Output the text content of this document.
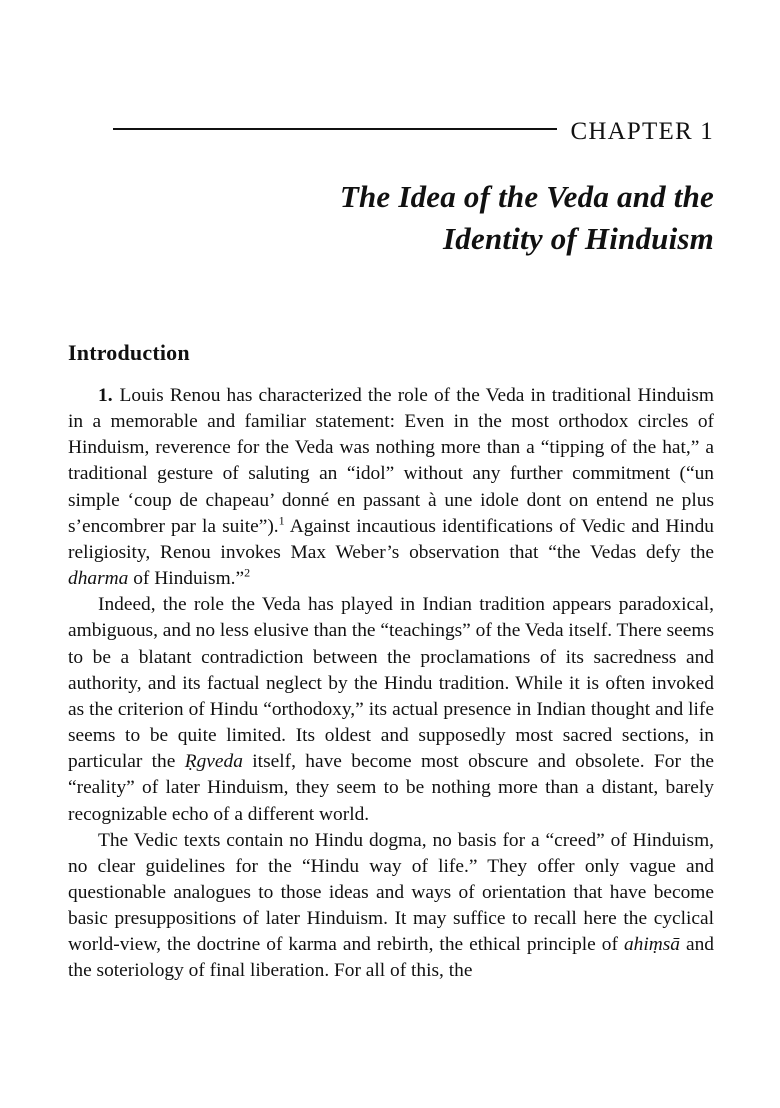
CHAPTER 1
The Idea of the Veda and the
Identity of Hinduism
Introduction

1. Louis Renou has characterized the role of the Veda in traditional Hinduism in a memorable and familiar statement: Even in the most orthodox circles of Hinduism, reverence for the Veda was nothing more than a “tipping of the hat,” a traditional gesture of saluting an “idol” without any further commitment (“un simple ‘coup de chapeau’ donné en passant à une idole dont on entend ne plus s’encombrer par la suite”).$^1$ Against incautious identifications of Vedic and Hindu religiosity, Renou invokes Max Weber’s observation that “the Vedas defy the dharma of Hinduism.”$^2$

Indeed, the role the Veda has played in Indian tradition appears paradoxical, ambiguous, and no less elusive than the “teachings” of the Veda itself. There seems to be a blatant contradiction between the proclamations of its sacredness and authority, and its factual neglect by the Hindu tradition. While it is often invoked as the criterion of Hindu “orthodoxy,” its actual presence in Indian thought and life seems to be quite limited. Its oldest and supposedly most sacred sections, in particular the Ṛgveda itself, have become most obscure and obsolete. For the “reality” of later Hinduism, they seem to be nothing more than a distant, barely recognizable echo of a different world.

The Vedic texts contain no Hindu dogma, no basis for a “creed” of Hinduism, no clear guidelines for the “Hindu way of life.” They offer only vague and questionable analogues to those ideas and ways of orientation that have become basic presuppositions of later Hinduism. It may suffice to recall here the cyclical world-view, the doctrine of karma and rebirth, the ethical principle of ahiṃsā and the soteriology of final liberation. For all of this, the
